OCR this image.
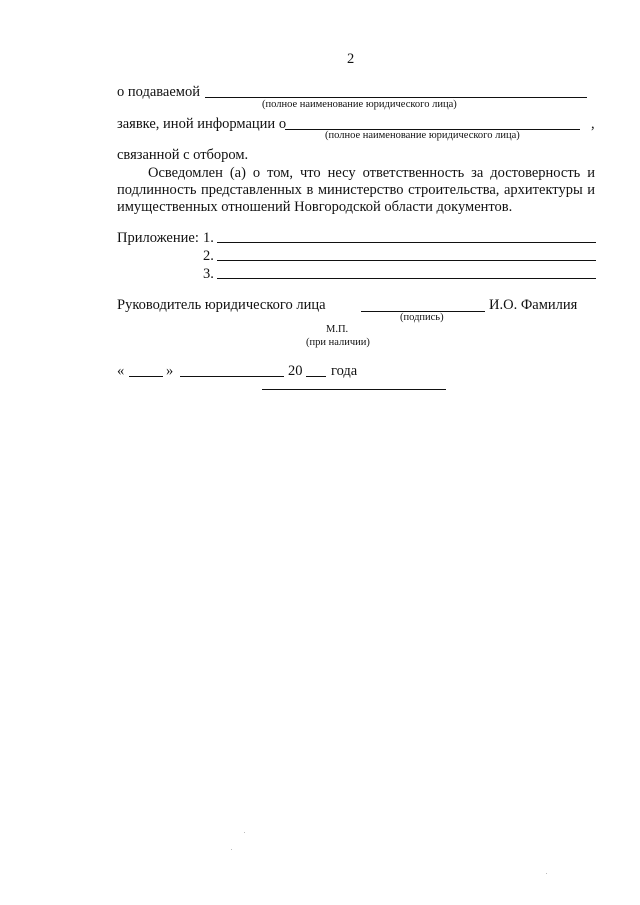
2
о подаваемой
(полное наименование юридического лица)
заявке, иной информации о	,
(полное наименование юридического лица)
связанной с отбором.
Осведомлен (а) о том, что несу ответственность за достоверность и
подлинность представленных в министерство строительства, архитектуры и
имущественных отношений Новгородской области документов.
Приложение: 1.
2.
3.
Руководитель юридического лица	И.О. Фамилия
(подпись)
М.П.
(при наличии)
«	»	20 года
